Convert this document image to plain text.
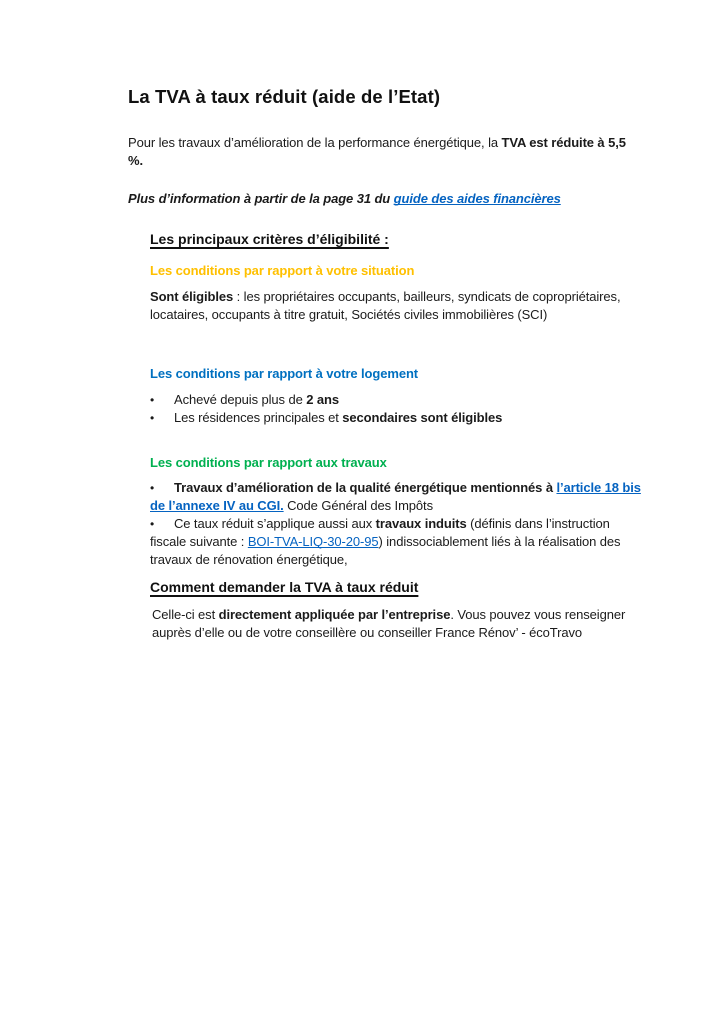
La TVA à taux réduit (aide de l’Etat)

Pour les travaux d’amélioration de la performance énergétique, la TVA est réduite à 5,5 %.

Plus d’information à partir de la page 31 du guide des aides financières

Les principaux critères d’éligibilité :
Les conditions par rapport à votre situation

Sont éligibles : les propriétaires occupants, bailleurs, syndicats de copropriétaires, locataires, occupants à titre gratuit, Sociétés civiles immobilières (SCI)

Les conditions par rapport à votre logement
• Achevé depuis plus de 2 ans
• Les résidences principales et secondaires sont éligibles
Les conditions par rapport aux travaux
• Travaux d’amélioration de la qualité énergétique mentionnés à l’article 18 bis de l’annexe IV au CGI. Code Général des Impôts
• Ce taux réduit s’applique aussi aux travaux induits (définis dans l’instruction fiscale suivante : BOI-TVA-LIQ-30-20-95) indissociablement liés à la réalisation des travaux de rénovation énergétique,
Comment demander la TVA à taux réduit

Celle-ci est directement appliquée par l’entreprise. Vous pouvez vous renseigner auprès d’elle ou de votre conseillère ou conseiller France Rénov’ - écoTravo
